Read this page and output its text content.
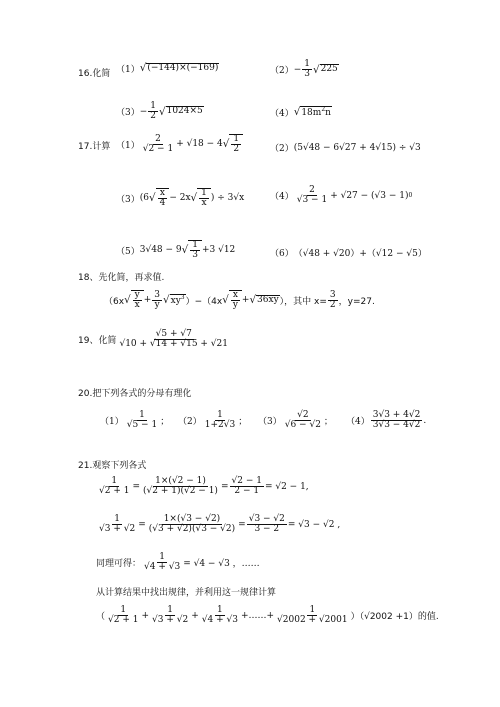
16.化简 （1） √ (−144)×(−169)	$(2) - \frac{1}{3}$ √ 225
$(3) - \frac{1}{2}$ √ 1024×5	（4） √ $18m^2n$
17.计算 $(1) \frac{2}{√2 - 1} + √18 - 4$ √ $\frac{1}{2}$	（2） (5√48 − 6√27 + 4√15) ÷ √3
（3） (6 √ $\frac{x}{4} - 2x$ √ $\frac{1}{x}$ ) ÷ 3√x	$(4) \frac{2}{√3 - 1} + √27 - (√3 - 1)$ 0
（5） 3√48 − 9 √ $\frac{1}{3} +3$ √12	（6） （√48 + √20）+（√12 − √5）
18、先化简，再求值.
（6x √ $\frac{y}{x} + \frac{3}{y}$ √ $xy^3$ ）−（4x √ $\frac{x}{y}$ + √ 36xy ），其中 $x= \frac{3}{2}$ ，y=27.
19、化简 $\frac{√5 + √7}{√10 + √14 + √15 + √21}$
20.把下列各式的分母有理化
$(1) \frac{1}{√5 - 1}$ ； $(2) \frac{1}{1+2√3}$ ； $(3) \frac{√2}{√6 - √2}$ ； $(4) \frac{3√3 + 4√2}{3√3 - 4√2}$ .
21.观察下列各式
$\frac{1}{√2 + 1} = \frac{1\times(√2 - 1)}{(√2 + 1)(√2 - 1)} = \frac{√2 - 1}{2 - 1} = √2 - 1$,
$\frac{1}{√3 + √2} = \frac{1\times(√3 - √2)}{(√3 + √2)(√3 - √2)} = \frac{√3 - √2}{3 - 2} = √3 - √2$ ,
同理可得： $\frac{1}{√4 + √3} = √4 - √3$ ，……
从计算结果中找出规律，并利用这一规律计算
（ $\frac{1}{√2 + 1} + \frac{1}{√3 + √2} + \frac{1}{√4 + √3}$ +……+ $\frac{1}{√2002 + √2001} )(√2002 +1)$的值.
